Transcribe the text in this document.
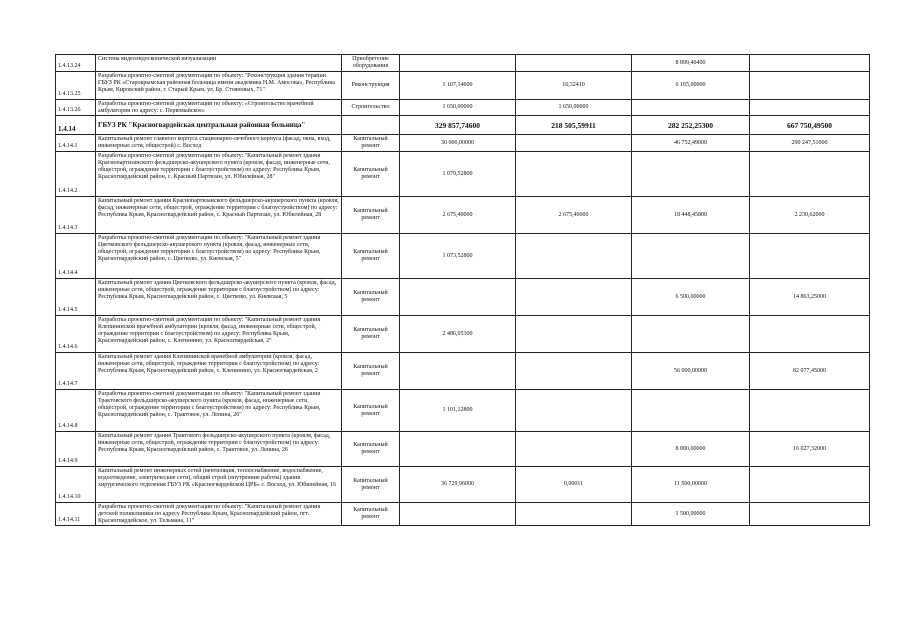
1.4.13.24	Система видеоэндоскопической визуализации	Приобретение оборудования			8 899,40400	
1.4.13.25	Разработка проектно-сметной документации по объекту: "Реконструкция здания терапии ГБУЗ РК «Старокрымская районная больница имени академика Н.М. Амосова», Республика Крым, Кировский район, г. Старый Крым, ул. Бр. Стояновых, 71"	Реконструкция	1 107,14600	16,32410	6 165,00000	
1.4.13.26	Разработка проектно-сметной документации по объекту: «Строительство врачебной амбулатории по адресу: с. Первомайское»	Строительство	1 650,00000	1 650,00000		
1.4.14	ГБУЗ РК "Красногвардейская центральная районная больница"		329 857,74600	218 505,59911	282 252,25300	667 750,49500
1.4.14.1	Капитальный ремонт главного корпуса стационарно-лечебного корпуса (фасад, окна, вход, инженерные сети, общестрой) с. Восход	Капитальный ремонт	30 000,00000		46 752,49000	290 247,51000
1.4.14.2	Разработка проектно-сметной документации по объекту: "Капитальный ремонт здания Краснопартизанского фельдшерско-акушерского пункта (кровля, фасад, инженерные сети, общестрой, ограждение территории с благоустройством) по адресу: Республика Крым, Красногвардейский район, с. Красный Партизан, ул. Юбилейная, 28"	Капитальный ремонт	1 079,52800			
1.4.14.3	Капитальный ремонт здания Краснопартизанского фельдшерско-акушерского пункта (кровля, фасад, инженерные сети, общестрой, ограждение территории с благоустройством) по адресу: Республика Крым, Красногвардейский район, с. Красный Партизан, ул. Юбилейная, 28	Капитальный ремонт	2 675,40000	2 675,40000	18 448,45800	2 230,62000
1.4.14.4	Разработка проектно-сметной документации по объекту: "Капитальный ремонт здания Цветковского фельдшерско-акушерского пункта (кровля, фасад, инженерные сети, общестрой, ограждение территории с благоустройством) по адресу: Республика Крым, Красногвардейский район, с. Цветково, ул. Киевская, 5"	Капитальный ремонт	1 073,52800			
1.4.14.5	Капитальный ремонт здания Цветковского фельдшерско-акушерского пункта (кровля, фасад, инженерные сети, общестрой, ограждение территории с благоустройством) по адресу: Республика Крым, Красногвардейский район, с. Цветково, ул. Киевская, 5	Капитальный ремонт			6 500,00000	14 863,25000
1.4.14.6	Разработка проектно-сметной документации по объекту: "Капитальный ремонт здания Клепининской врачебной амбулатории (кровля, фасад, инженерные сети, общестрой, ограждение территории с благоустройством) по адресу: Республика Крым, Красногвардейский район, с. Клепинино, ул. Красногвардейская, 2"	Капитальный ремонт	2 486,05300			
1.4.14.7	Капитальный ремонт здания Клепининской врачебной амбулатории (кровля, фасад, инженерные сети, общестрой, ограждение территории с благоустройством) по адресу: Республика Крым, Красногвардейский район, с. Клепинино, ул. Красногвардейская, 2	Капитальный ремонт			56 000,00000	82 077,45000
1.4.14.8	Разработка проектно-сметной документации по объекту: "Капитальный ремонт здания Трактовского фельдшерско-акушерского пункта (кровля, фасад, инженерные сети, общестрой, ограждение территории с благоустройством) по адресу: Республика Крым, Красногвардейский район, с. Трактовое, ул. Ленина, 26"	Капитальный ремонт	1 101,12800			
1.4.14.9	Капитальный ремонт здания Трактового фельдшерско-акушерского пункта (кровля, фасад, инженерные сети, общестрой, ограждение территории с благоустройством) по адресу: Республика Крым, Красногвардейский район, с. Трактовое, ул. Ленина, 26	Капитальный ремонт			8 000,00000	16 027,32000
1.4.14.10	Капитальный ремонт инженерных сетей (вентиляция, теплоснабжение, водоснабжение, водоотведение, электрические сети), общий строй (внутренние работы) здания хирургического отделения ГБУЗ РК «Красногвардейской ЦРБ» с. Восход, ул. Юбилейная, 16	Капитальный ремонт	36 729,96000	0,00011	11 500,00000	
1.4.14.11	Разработка проектно-сметной документации по объекту: "Капитальный ремонт здания детской поликлиники по адресу Республика Крым, Красногвардейский район, пгт. Красногвардейское, ул. Тельмана, 11"	Капитальный ремонт			1 500,00000	
